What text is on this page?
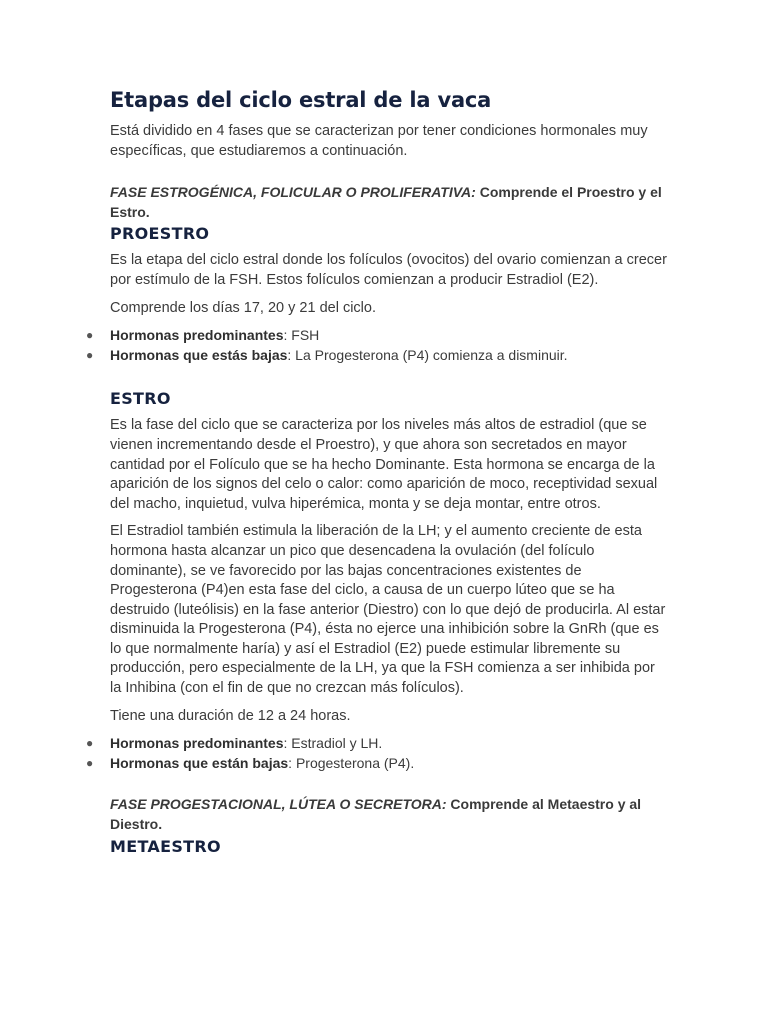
Etapas del ciclo estral de la vaca

Está dividido en 4 fases que se caracterizan por tener condiciones hormonales muy específicas, que estudiaremos a continuación.

FASE ESTROGÉNICA, FOLICULAR O PROLIFERATIVA: Comprende el Proestro y el Estro.
PROESTRO

Es la etapa del ciclo estral donde los folículos (ovocitos) del ovario comienzan a crecer por estímulo de la FSH. Estos folículos comienzan a producir Estradiol (E2).

Comprende los días 17, 20 y 21 del ciclo.

● Hormonas predominantes: FSH
● Hormonas que estás bajas: La Progesterona (P4) comienza a disminuir.
ESTRO

Es la fase del ciclo que se caracteriza por los niveles más altos de estradiol (que se vienen incrementando desde el Proestro), y que ahora son secretados en mayor cantidad por el Folículo que se ha hecho Dominante. Esta hormona se encarga de la aparición de los signos del celo o calor: como aparición de moco, receptividad sexual del macho, inquietud, vulva hiperémica, monta y se deja montar, entre otros.

El Estradiol también estimula la liberación de la LH; y el aumento creciente de esta hormona hasta alcanzar un pico que desencadena la ovulación (del folículo dominante), se ve favorecido por las bajas concentraciones existentes de Progesterona (P4)en esta fase del ciclo, a causa de un cuerpo lúteo que se ha destruido (luteólisis) en la fase anterior (Diestro) con lo que dejó de producirla. Al estar disminuida la Progesterona (P4), ésta no ejerce una inhibición sobre la GnRh (que es lo que normalmente haría) y así el Estradiol (E2) puede estimular libremente su producción, pero especialmente de la LH, ya que la FSH comienza a ser inhibida por la Inhibina (con el fin de que no crezcan más folículos).

Tiene una duración de 12 a 24 horas.

● Hormonas predominantes: Estradiol y LH.
● Hormonas que están bajas: Progesterona (P4).
FASE PROGESTACIONAL, LÚTEA O SECRETORA: Comprende al Metaestro y al Diestro.
METAESTRO
